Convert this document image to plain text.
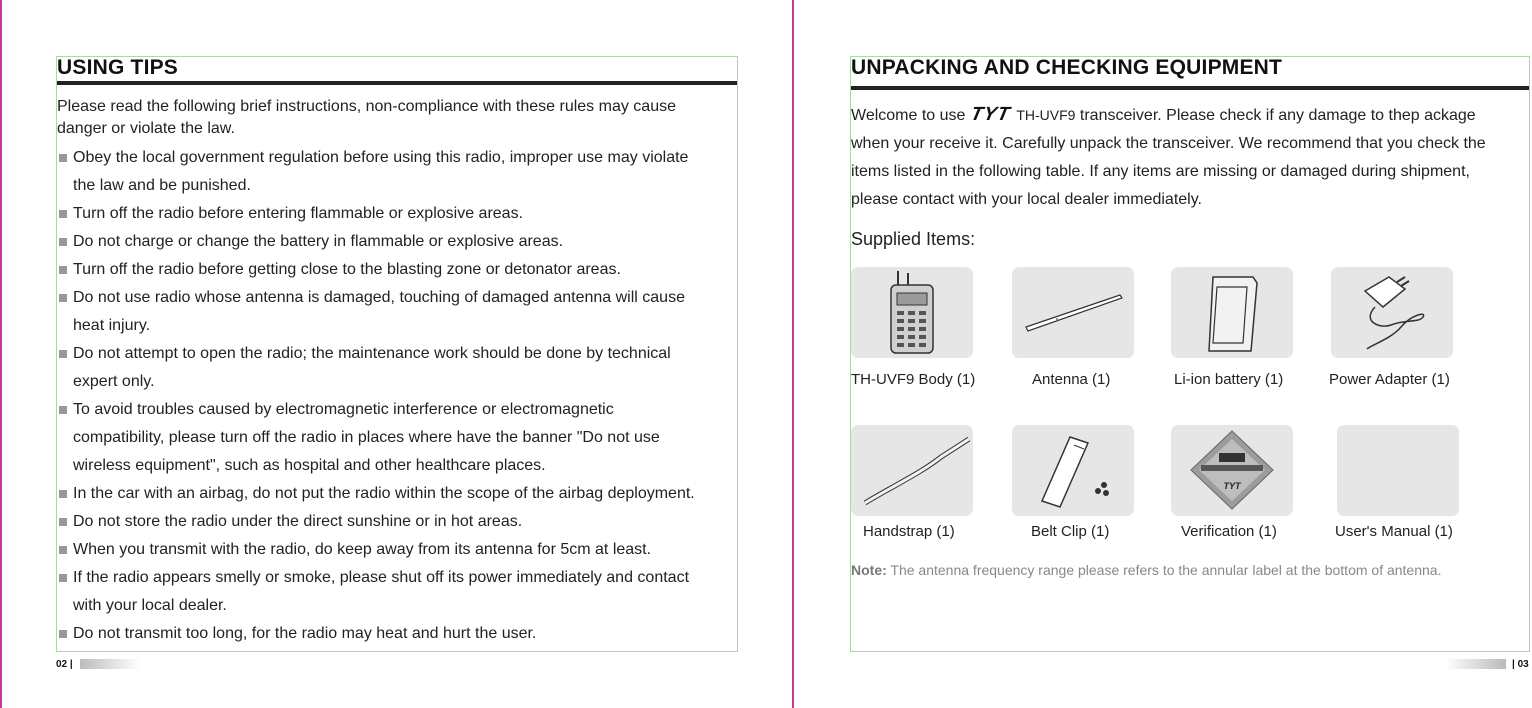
USING TIPS
Please read the following brief instructions, non-compliance with these rules may cause
danger or violate the law.
Obey the local government regulation before using this radio, improper use may violate
the law and be punished.
Turn off the radio before entering flammable or explosive areas.
Do not charge or change the battery in flammable or explosive areas.
Turn off the radio before getting close to the blasting zone or detonator areas.
Do not use radio whose antenna is damaged, touching of damaged antenna will cause
heat injury.
Do not attempt to open the radio; the maintenance work should be done by technical
expert only.
To avoid troubles caused by electromagnetic interference or electromagnetic
compatibility, please turn off the radio in places where have the banner "Do not use
wireless equipment", such as hospital and other healthcare places.
In the car with an airbag, do not put the radio within the scope of the airbag deployment.
Do not store the radio under the direct sunshine or in hot areas.
When you transmit with the radio, do keep away from its antenna for 5cm at least.
If the radio appears smelly or smoke, please shut off its power immediately and contact
with your local dealer.
Do not transmit too long, for the radio may heat and hurt the user.
02 |
UNPACKING AND CHECKING EQUIPMENT
Welcome to use TYT TH-UVF9 transceiver. Please check if any damage to thep ackage
when your receive it. Carefully unpack the transceiver. We recommend that you check the
items listed in the following table. If any items are missing or damaged during shipment,
please contact with your local dealer immediately.
Supplied Items:
TH-UVF9 Body (1)	Antenna (1)	Li-ion battery (1)	Power Adapter (1)
TYT
Handstrap (1)	Belt Clip (1)	Verification (1)	User's Manual (1)
Note: The antenna frequency range please refers to the annular label at the bottom of antenna.
| 03
